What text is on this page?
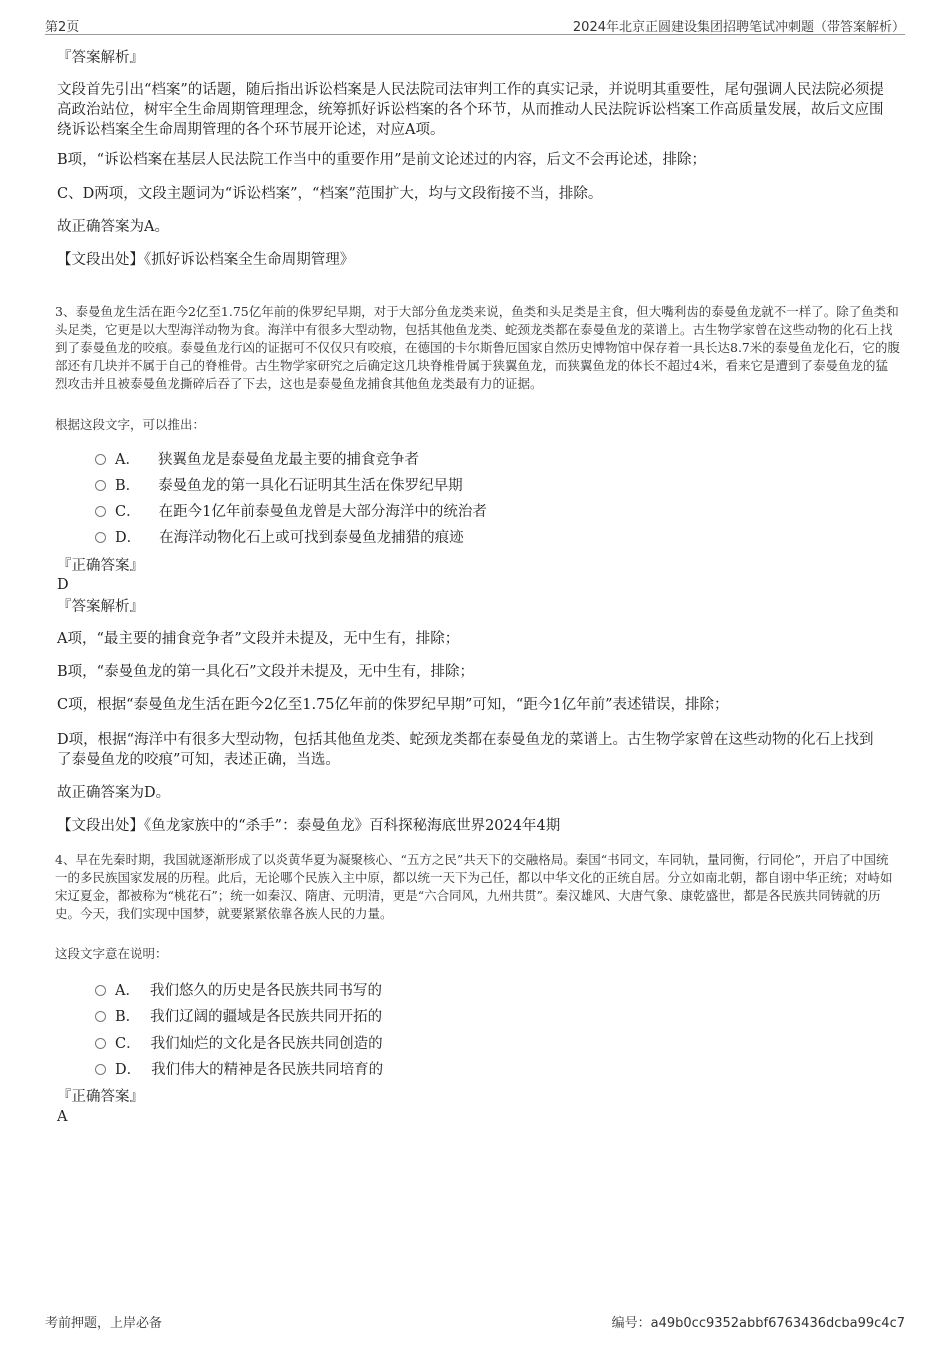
第2页	2024年北京正圆建设集团招聘笔试冲刺题（带答案解析）
『答案解析』
文段首先引出“档案”的话题，随后指出诉讼档案是人民法院司法审判工作的真实记录，并说明其重要性，尾句强调人民法院必须提高政治站位，树牢全生命周期管理理念，统筹抓好诉讼档案的各个环节，从而推动人民法院诉讼档案工作高质量发展，故后文应围绕诉讼档案全生命周期管理的各个环节展开论述，对应A项。
B项，“诉讼档案在基层人民法院工作当中的重要作用”是前文论述过的内容，后文不会再论述，排除；
C、D两项，文段主题词为“诉讼档案”，“档案”范围扩大，均与文段衔接不当，排除。
故正确答案为A。
【文段出处】《抓好诉讼档案全生命周期管理》
3、泰曼鱼龙生活在距今2亿至1.75亿年前的侏罗纪早期，对于大部分鱼龙类来说，鱼类和头足类是主食，但大嘴利齿的泰曼鱼龙就不一样了。除了鱼类和头足类，它更是以大型海洋动物为食。海洋中有很多大型动物，包括其他鱼龙类、蛇颈龙类都在泰曼鱼龙的菜谱上。古生物学家曾在这些动物的化石上找到了泰曼鱼龙的咬痕。泰曼鱼龙行凶的证据可不仅仅只有咬痕，在德国的卡尔斯鲁厄国家自然历史博物馆中保存着一具长达8.7米的泰曼鱼龙化石，它的腹部还有几块并不属于自己的脊椎骨。古生物学家研究之后确定这几块脊椎骨属于狭翼鱼龙，而狭翼鱼龙的体长不超过4米，看来它是遭到了泰曼鱼龙的猛烈攻击并且被泰曼鱼龙撕碎后吞了下去，这也是泰曼鱼龙捕食其他鱼龙类最有力的证据。
根据这段文字，可以推出：
A． 狭翼鱼龙是泰曼鱼龙最主要的捕食竞争者
B． 泰曼鱼龙的第一具化石证明其生活在侏罗纪早期
C． 在距今1亿年前泰曼鱼龙曾是大部分海洋中的统治者
D． 在海洋动物化石上或可找到泰曼鱼龙捕猎的痕迹
『正确答案』
D
『答案解析』
A项，“最主要的捕食竞争者”文段并未提及，无中生有，排除；
B项，“泰曼鱼龙的第一具化石”文段并未提及，无中生有，排除；
C项，根据“泰曼鱼龙生活在距今2亿至1.75亿年前的侏罗纪早期”可知，“距今1亿年前”表述错误，排除；
D项，根据“海洋中有很多大型动物，包括其他鱼龙类、蛇颈龙类都在泰曼鱼龙的菜谱上。古生物学家曾在这些动物的化石上找到了泰曼鱼龙的咬痕”可知，表述正确，当选。
故正确答案为D。
【文段出处】《鱼龙家族中的“杀手”：泰曼鱼龙》百科探秘海底世界2024年4期
4、早在先秦时期，我国就逐渐形成了以炎黄华夏为凝聚核心、“五方之民”共天下的交融格局。秦国“书同文，车同轨，量同衡，行同伦”，开启了中国统一的多民族国家发展的历程。此后，无论哪个民族入主中原，都以统一天下为己任，都以中华文化的正统自居。分立如南北朝，都自诩中华正统；对峙如宋辽夏金，都被称为“桃花石”；统一如秦汉、隋唐、元明清，更是“六合同风，九州共贯”。秦汉雄风、大唐气象、康乾盛世，都是各民族共同铸就的历史。今天，我们实现中国梦，就要紧紧依靠各族人民的力量。
这段文字意在说明：
A． 我们悠久的历史是各民族共同书写的
B． 我们辽阔的疆域是各民族共同开拓的
C． 我们灿烂的文化是各民族共同创造的
D． 我们伟大的精神是各民族共同培育的
『正确答案』
A
考前押题，上岸必备	编号：a49b0cc9352abbf6763436dcba99c4c7
